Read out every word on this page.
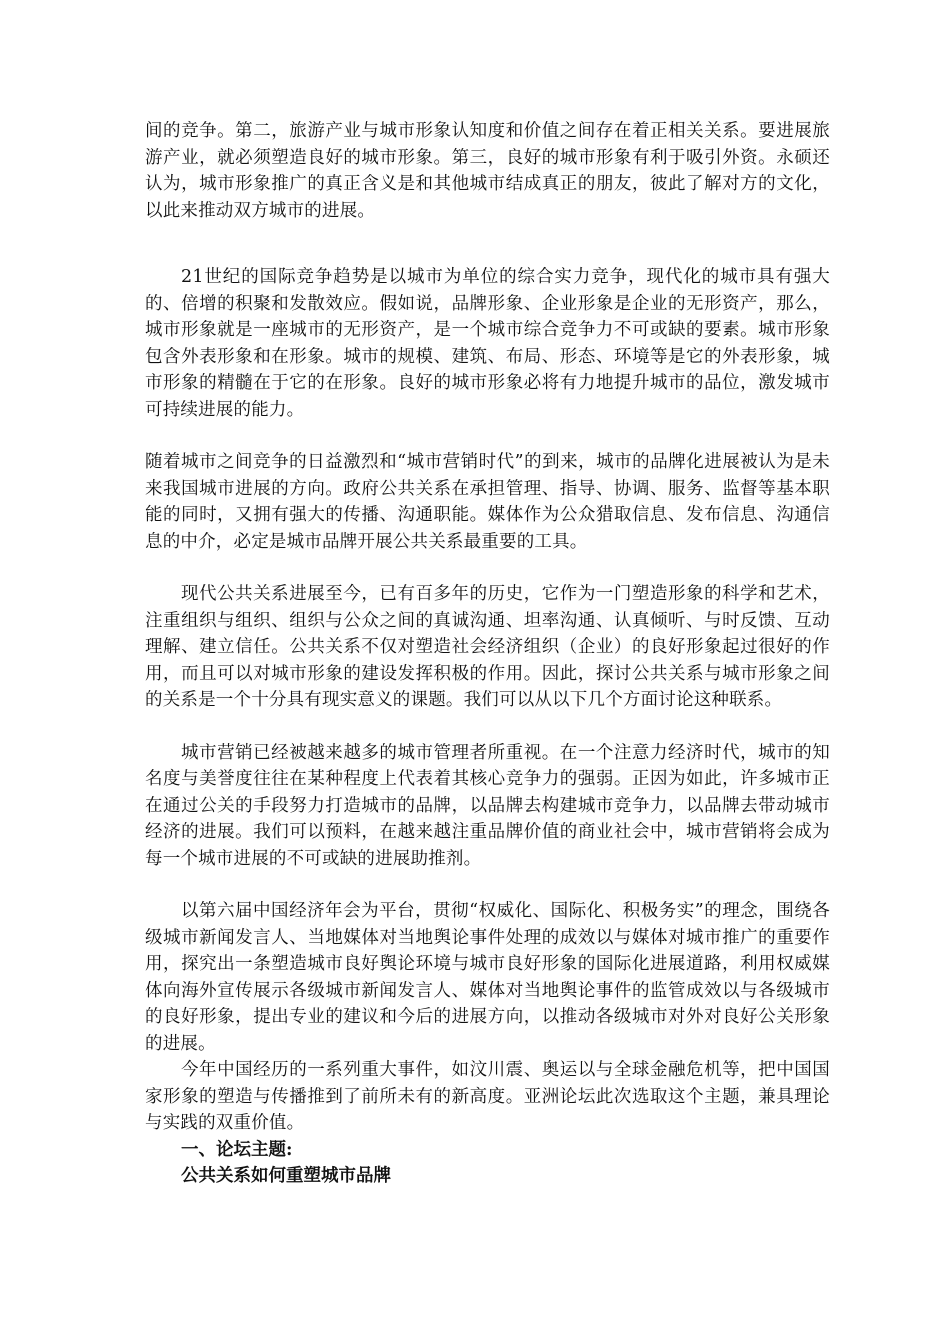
间的竞争。第二，旅游产业与城市形象认知度和价值之间存在着正相关关系。要进展旅游产业，就必须塑造良好的城市形象。第三，良好的城市形象有利于吸引外资。永硕还认为，城市形象推广的真正含义是和其他城市结成真正的朋友，彼此了解对方的文化，以此来推动双方城市的进展。

21世纪的国际竞争趋势是以城市为单位的综合实力竞争，现代化的城市具有强大的、倍增的积聚和发散效应。假如说，品牌形象、企业形象是企业的无形资产，那么，城市形象就是一座城市的无形资产，是一个城市综合竞争力不可或缺的要素。城市形象包含外表形象和在形象。城市的规模、建筑、布局、形态、环境等是它的外表形象，城市形象的精髓在于它的在形象。良好的城市形象必将有力地提升城市的品位，激发城市可持续进展的能力。

随着城市之间竞争的日益激烈和“城市营销时代”的到来，城市的品牌化进展被认为是未来我国城市进展的方向。政府公共关系在承担管理、指导、协调、服务、监督等基本职能的同时，又拥有强大的传播、沟通职能。媒体作为公众猎取信息、发布信息、沟通信息的中介，必定是城市品牌开展公共关系最重要的工具。

现代公共关系进展至今，已有百多年的历史，它作为一门塑造形象的科学和艺术，注重组织与组织、组织与公众之间的真诚沟通、坦率沟通、认真倾听、与时反馈、互动理解、建立信任。公共关系不仅对塑造社会经济组织（企业）的良好形象起过很好的作用，而且可以对城市形象的建设发挥积极的作用。因此，探讨公共关系与城市形象之间的关系是一个十分具有现实意义的课题。我们可以从以下几个方面讨论这种联系。

城市营销已经被越来越多的城市管理者所重视。在一个注意力经济时代，城市的知名度与美誉度往往在某种程度上代表着其核心竞争力的强弱。正因为如此，许多城市正在通过公关的手段努力打造城市的品牌，以品牌去构建城市竞争力，以品牌去带动城市经济的进展。我们可以预料，在越来越注重品牌价值的商业社会中，城市营销将会成为每一个城市进展的不可或缺的进展助推剂。

以第六届中国经济年会为平台，贯彻“权威化、国际化、积极务实”的理念，围绕各级城市新闻发言人、当地媒体对当地舆论事件处理的成效以与媒体对城市推广的重要作用，探究出一条塑造城市良好舆论环境与城市良好形象的国际化进展道路，利用权威媒体向海外宣传展示各级城市新闻发言人、媒体对当地舆论事件的监管成效以与各级城市的良好形象，提出专业的建议和今后的进展方向，以推动各级城市对外对良好公关形象的进展。

今年中国经历的一系列重大事件，如汶川震、奥运以与全球金融危机等，把中国国家形象的塑造与传播推到了前所未有的新高度。亚洲论坛此次选取这个主题，兼具理论与实践的双重价值。

一、论坛主题:

公共关系如何重塑城市品牌
